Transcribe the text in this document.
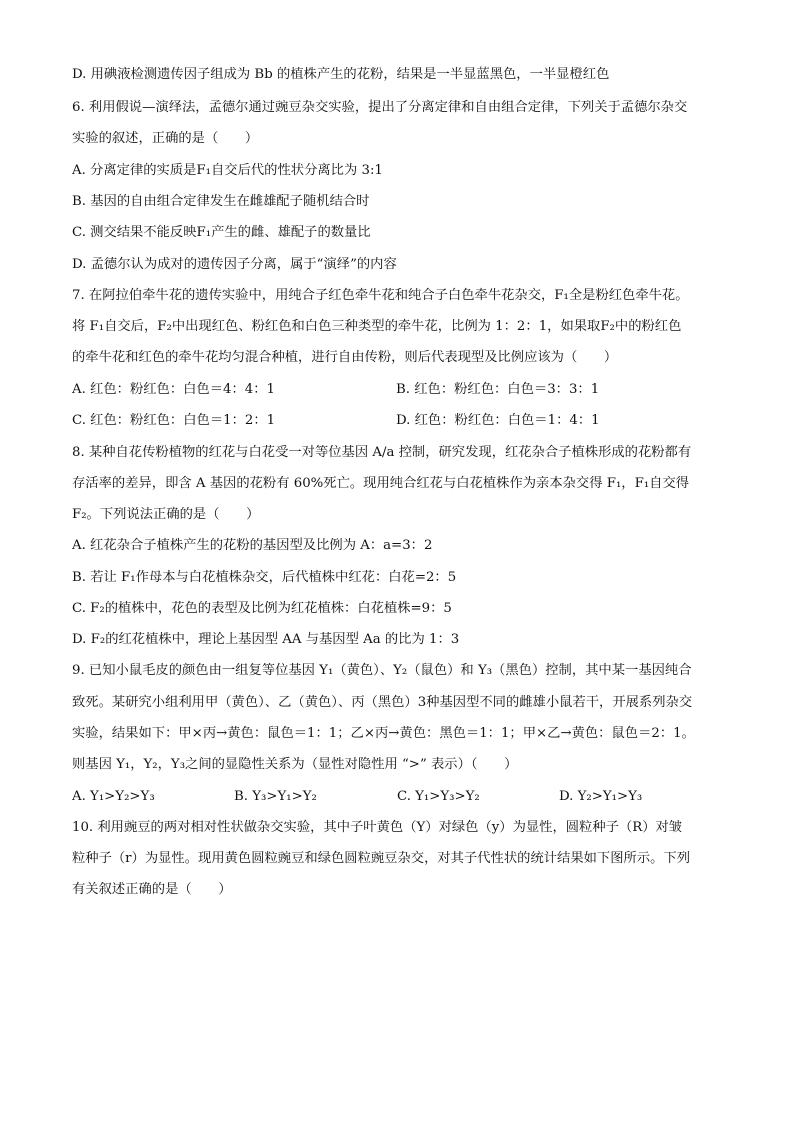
D. 用碘液检测遗传因子组成为 Bb 的植株产生的花粉，结果是一半显蓝黑色，一半显橙红色
6. 利用假说—演绎法，孟德尔通过豌豆杂交实验，提出了分离定律和自由组合定律，下列关于孟德尔杂交
实验的叙述，正确的是（　　）
A. 分离定律的实质是F₁自交后代的性状分离比为 3:1
B. 基因的自由组合定律发生在雌雄配子随机结合时
C. 测交结果不能反映F₁产生的雌、雄配子的数量比
D. 孟德尔认为成对的遗传因子分离，属于“演绎”的内容
7. 在阿拉伯牵牛花的遗传实验中，用纯合子红色牵牛花和纯合子白色牵牛花杂交，F₁全是粉红色牵牛花。
将 F₁自交后，F₂中出现红色、粉红色和白色三种类型的牵牛花，比例为 1：2：1，如果取F₂中的粉红色
的牵牛花和红色的牵牛花均匀混合种植，进行自由传粉，则后代表现型及比例应该为（　　）
A. 红色：粉红色：白色＝4：4：1	B. 红色：粉红色：白色＝3：3：1
C. 红色：粉红色：白色＝1：2：1	D. 红色：粉红色：白色＝1：4：1
8. 某种自花传粉植物的红花与白花受一对等位基因 A/a 控制，研究发现，红花杂合子植株形成的花粉都有
存活率的差异，即含 A 基因的花粉有 60%死亡。现用纯合红花与白花植株作为亲本杂交得 F₁，F₁自交得
F₂。下列说法正确的是（　　）
A. 红花杂合子植株产生的花粉的基因型及比例为 A：a=3：2
B. 若让 F₁作母本与白花植株杂交，后代植株中红花：白花=2：5
C. F₂的植株中，花色的表型及比例为红花植株：白花植株=9：5
D. F₂的红花植株中，理论上基因型 AA 与基因型 Aa 的比为 1：3
9. 已知小鼠毛皮的颜色由一组复等位基因 Y₁（黄色）、Y₂（鼠色）和 Y₃（黑色）控制，其中某一基因纯合
致死。某研究小组利用甲（黄色）、乙（黄色）、丙（黑色）3种基因型不同的雌雄小鼠若干，开展系列杂交
实验，结果如下：甲×丙→黄色：鼠色＝1：1；乙×丙→黄色：黑色＝1：1；甲×乙→黄色：鼠色＝2：1。
则基因 Y₁，Y₂，Y₃之间的显隐性关系为（显性对隐性用 “>” 表示）（　　）
A. Y₁>Y₂>Y₃	B. Y₃>Y₁>Y₂	C. Y₁>Y₃>Y₂	D. Y₂>Y₁>Y₃
10. 利用豌豆的两对相对性状做杂交实验，其中子叶黄色（Y）对绿色（y）为显性，圆粒种子（R）对皱
粒种子（r）为显性。现用黄色圆粒豌豆和绿色圆粒豌豆杂交，对其子代性状的统计结果如下图所示。下列
有关叙述正确的是（　　）
